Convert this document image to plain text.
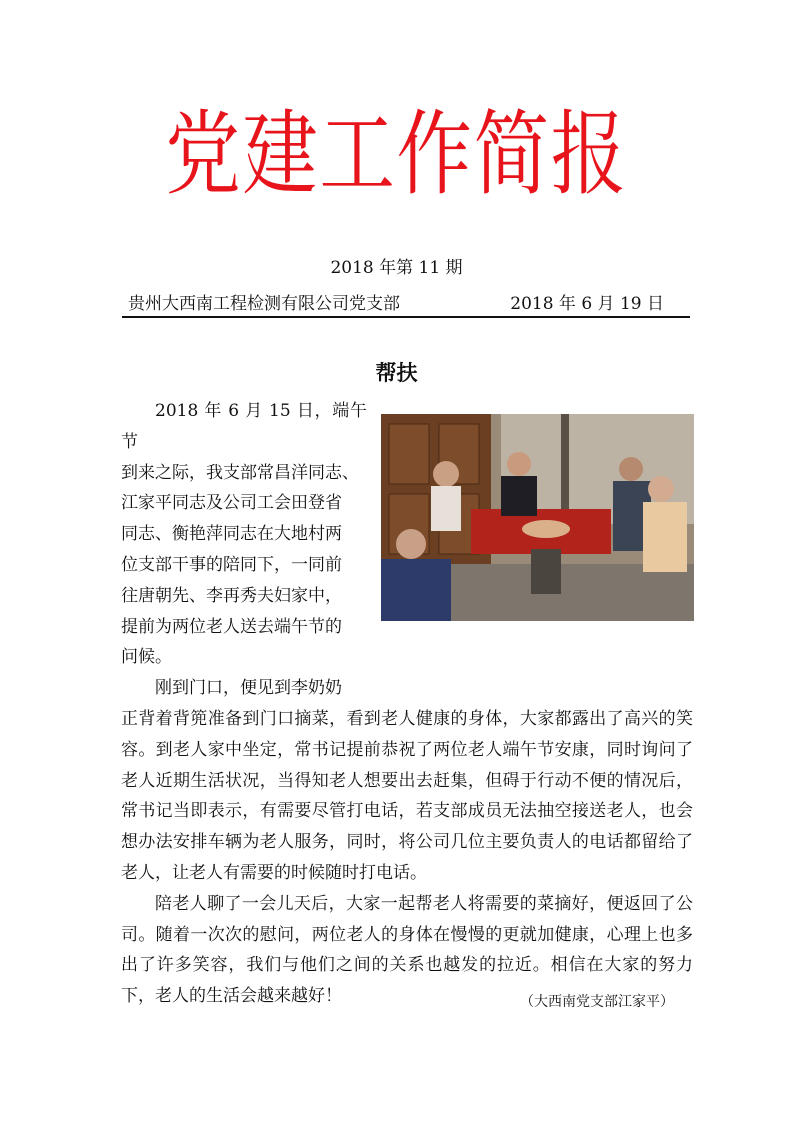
党建工作简报
2018 年第 11 期
贵州大西南工程检测有限公司党支部	2018 年 6 月 19 日
帮扶

2018 年 6 月 15 日，端午节

到来之际，我支部常昌洋同志、
江家平同志及公司工会田登省
同志、衡艳萍同志在大地村两
位支部干事的陪同下，一同前
往唐朝先、李再秀夫妇家中，
提前为两位老人送去端午节的
问候。

刚到门口，便见到李奶奶

正背着背篼准备到门口摘菜，看到老人健康的身体，大家都露出了高兴的笑容。到老人家中坐定，常书记提前恭祝了两位老人端午节安康，同时询问了老人近期生活状况，当得知老人想要出去赶集，但碍于行动不便的情况后，常书记当即表示，有需要尽管打电话，若支部成员无法抽空接送老人，也会想办法安排车辆为老人服务，同时，将公司几位主要负责人的电话都留给了老人，让老人有需要的时候随时打电话。

陪老人聊了一会儿天后，大家一起帮老人将需要的菜摘好，便返回了公司。随着一次次的慰问，两位老人的身体在慢慢的更就加健康，心理上也多出了许多笑容，我们与他们之间的关系也越发的拉近。相信在大家的努力下，老人的生活会越来越好！	（大西南党支部江家平）
